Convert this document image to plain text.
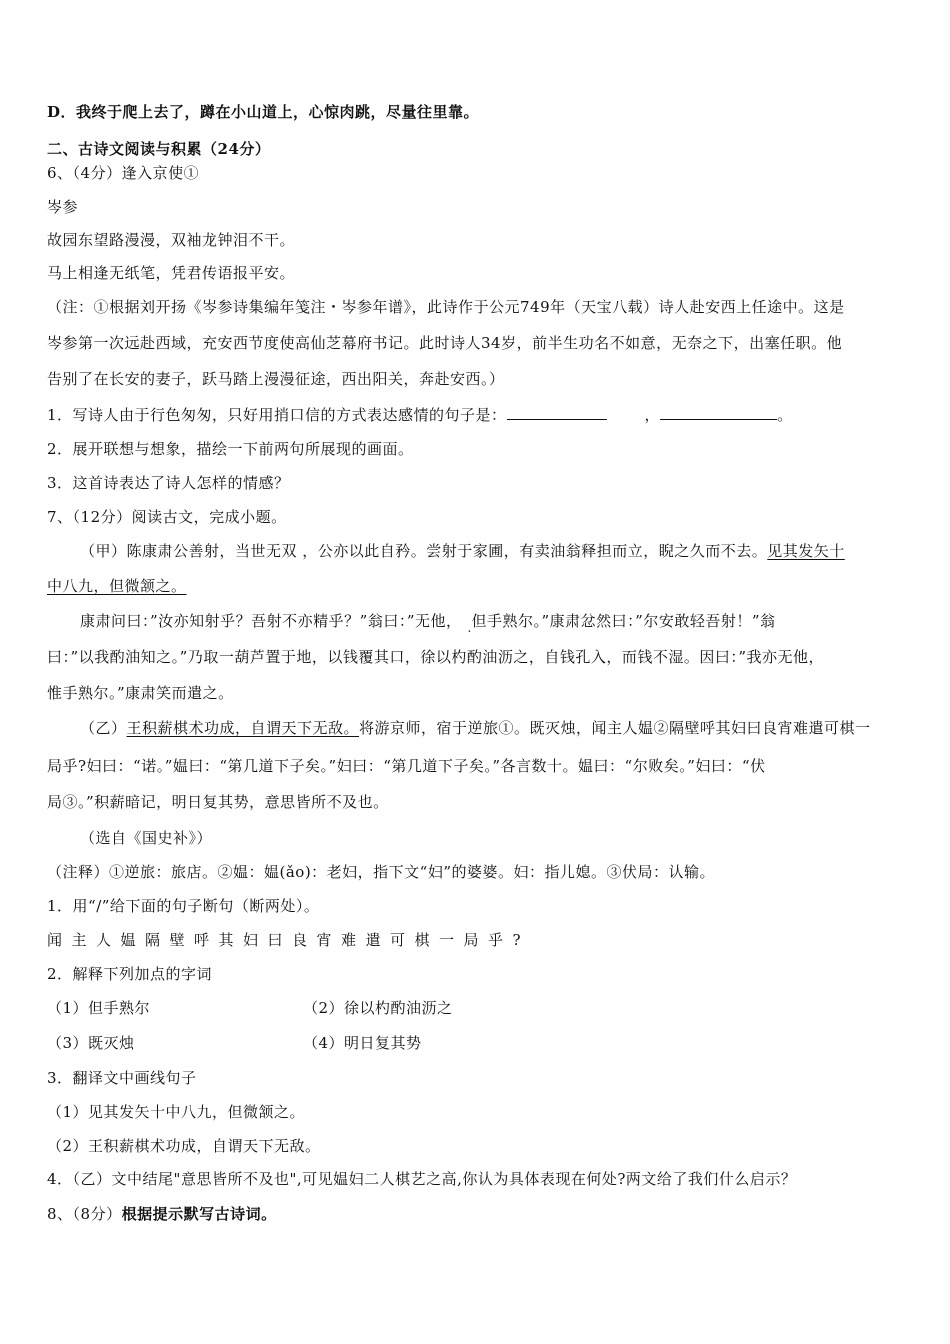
D．我终于爬上去了，蹲在小山道上，心惊肉跳，尽量往里靠。
二、古诗文阅读与积累（24分）
6、（4分）逢入京使➀
岑参
故园东望路漫漫，双袖龙钟泪不干。
马上相逢无纸笔，凭君传语报平安。
（注：➀根据刘开扬《岑参诗集编年笺注・岑参年谱》，此诗作于公元749年（天宝八载）诗人赴安西上任途中。这是
岑参第一次远赴西域，充安西节度使高仙芝幕府书记。此时诗人34岁，前半生功名不如意，无奈之下，出塞任职。他
告别了在长安的妻子，跃马踏上漫漫征途，西出阳关，奔赴安西。）
1．写诗人由于行色匆匆，只好用捎口信的方式表达感情的句子是：	，	。
2．展开联想与想象，描绘一下前两句所展现的画面。
3．这首诗表达了诗人怎样的情感？
7、（12分）阅读古文，完成小题。
（甲）陈康肃公善射，当世无双 ，公亦以此自矜。尝射于家圃，有卖油翁释担而立，睨之久而不去。见其发矢十
中八九，但微颔之。
康肃问曰：”汝亦知射乎？吾射不亦精乎？”翁曰：”无他，. 但手熟尔。”康肃忿然曰：”尔安敢轻吾射！”翁
曰：”以我酌油知之。”乃取一葫芦置于地，以钱覆其口，徐以杓酌油沥之，自钱孔入，而钱不湿。因曰：”我亦无他，
惟手熟尔。”康肃笑而遣之。
（乙）王积薪棋术功成，自谓天下无敌。将游京师，宿于逆旅①。既灭烛，闻主人媪②隔壁呼其妇曰良宵难遣可棋一
局乎?妇曰：“诺。”媪曰：“第几道下子矣。”妇曰：“第几道下子矣。”各言数十。媪曰：“尔败矣。”妇曰：“伏
局③。”积薪暗记，明日复其势，意思皆所不及也。
（选自《国史补》）
（注释）①逆旅：旅店。②媪：媪(ǎo)：老妇，指下文“妇”的婆婆。妇：指儿媳。③伏局：认输。
1．用“/”给下面的句子断句（断两处）。
闻主人媪隔壁呼其妇曰良宵难遣可棋一局乎?
2．解释下列加点的字词
（1）但手熟尔	（2）徐以杓酌油沥之
（3）既灭烛	（4）明日复其势
3．翻译文中画线句子
（1）见其发矢十中八九，但微颔之。
（2）王积薪棋术功成，自谓天下无敌。
4．（乙）文中结尾"意思皆所不及也",可见媪妇二人棋艺之高,你认为具体表现在何处?两文给了我们什么启示？
8、（8分）根据提示默写古诗词。
